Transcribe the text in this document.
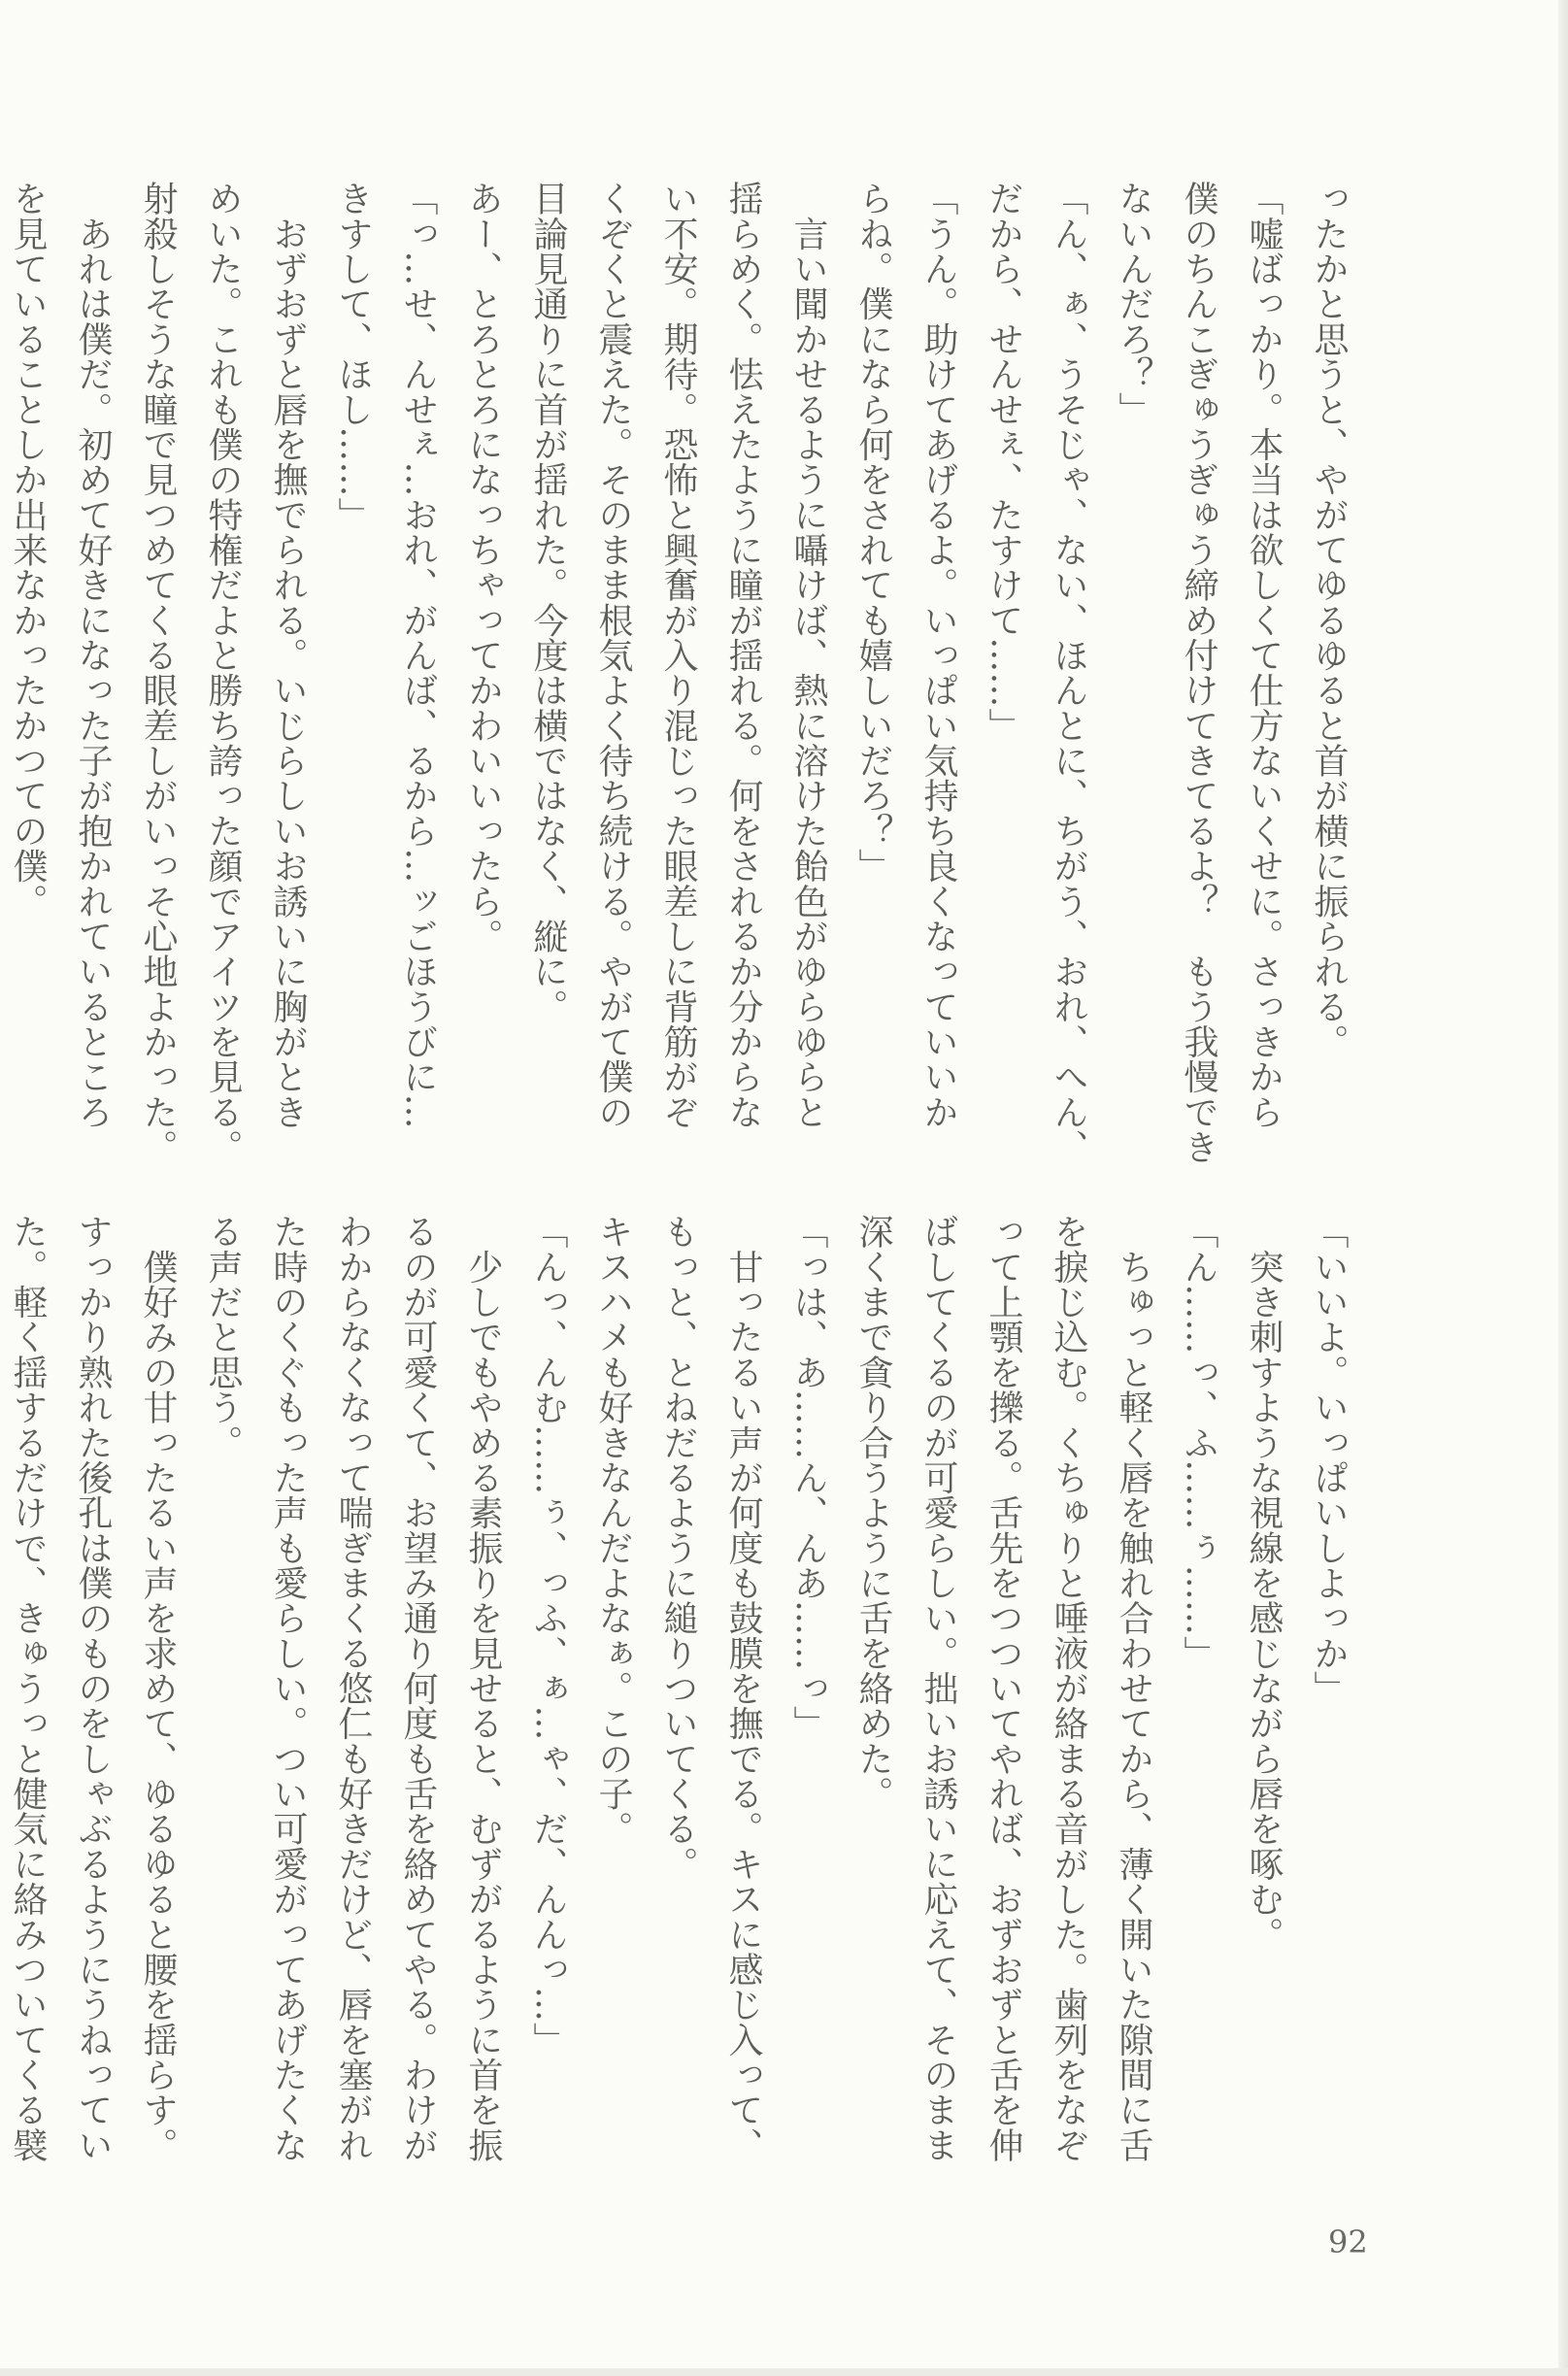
ったかと思うと、やがてゆるゆると首が横に振られる。
「嘘ばっかり。本当は欲しくて仕方ないくせに。さっきから
僕のちんこぎゅうぎゅう締め付けてきてるよ？　もう我慢でき
ないんだろ？」
「ん、ぁ、うそじゃ、ない、ほんとに、ちがう、おれ、へん、
だから、せんせぇ、たすけて……」
「うん。助けてあげるよ。いっぱい気持ち良くなっていいか
らね。僕になら何をされても嬉しいだろ？」
　言い聞かせるように囁けば、熱に溶けた飴色がゆらゆらと
揺らめく。怯えたように瞳が揺れる。何をされるか分からな
い不安。期待。恐怖と興奮が入り混じった眼差しに背筋がぞ
くぞくと震えた。そのまま根気よく待ち続ける。やがて僕の
目論見通りに首が揺れた。今度は横ではなく、縦に。
あー、とろとろになっちゃってかわいいったら。
「っ…せ、んせぇ…おれ、がんば、るから…ッごほうびに…
きすして、ほし……」
　おずおずと唇を撫でられる。いじらしいお誘いに胸がとき
めいた。これも僕の特権だよと勝ち誇った顔でアイツを見る。
射殺しそうな瞳で見つめてくる眼差しがいっそ心地よかった。
　あれは僕だ。初めて好きになった子が抱かれているところ
を見ていることしか出来なかったかつての僕。
「いいよ。いっぱいしよっか」
　突き刺すような視線を感じながら唇を啄む。
「ん……っ、ふ……ぅ……」
　ちゅっと軽く唇を触れ合わせてから、薄く開いた隙間に舌
を捩じ込む。くちゅりと唾液が絡まる音がした。歯列をなぞ
って上顎を擽る。舌先をつついてやれば、おずおずと舌を伸
ばしてくるのが可愛らしい。拙いお誘いに応えて、そのまま
深くまで貪り合うように舌を絡めた。
「っは、あ……ん、んあ……っ」
　甘ったるい声が何度も鼓膜を撫でる。キスに感じ入って、
もっと、とねだるように縋りついてくる。
キスハメも好きなんだよなぁ。この子。
「んっ、んむ……ぅ、っふ、ぁ…ゃ、だ、んんっ…」
　少しでもやめる素振りを見せると、むずがるように首を振
るのが可愛くて、お望み通り何度も舌を絡めてやる。わけが
わからなくなって喘ぎまくる悠仁も好きだけど、唇を塞がれ
た時のくぐもった声も愛らしい。つい可愛がってあげたくな
る声だと思う。
　僕好みの甘ったるい声を求めて、ゆるゆると腰を揺らす。
すっかり熟れた後孔は僕のものをしゃぶるようにうねってい
た。軽く揺するだけで、きゅうっと健気に絡みついてくる襞
92
